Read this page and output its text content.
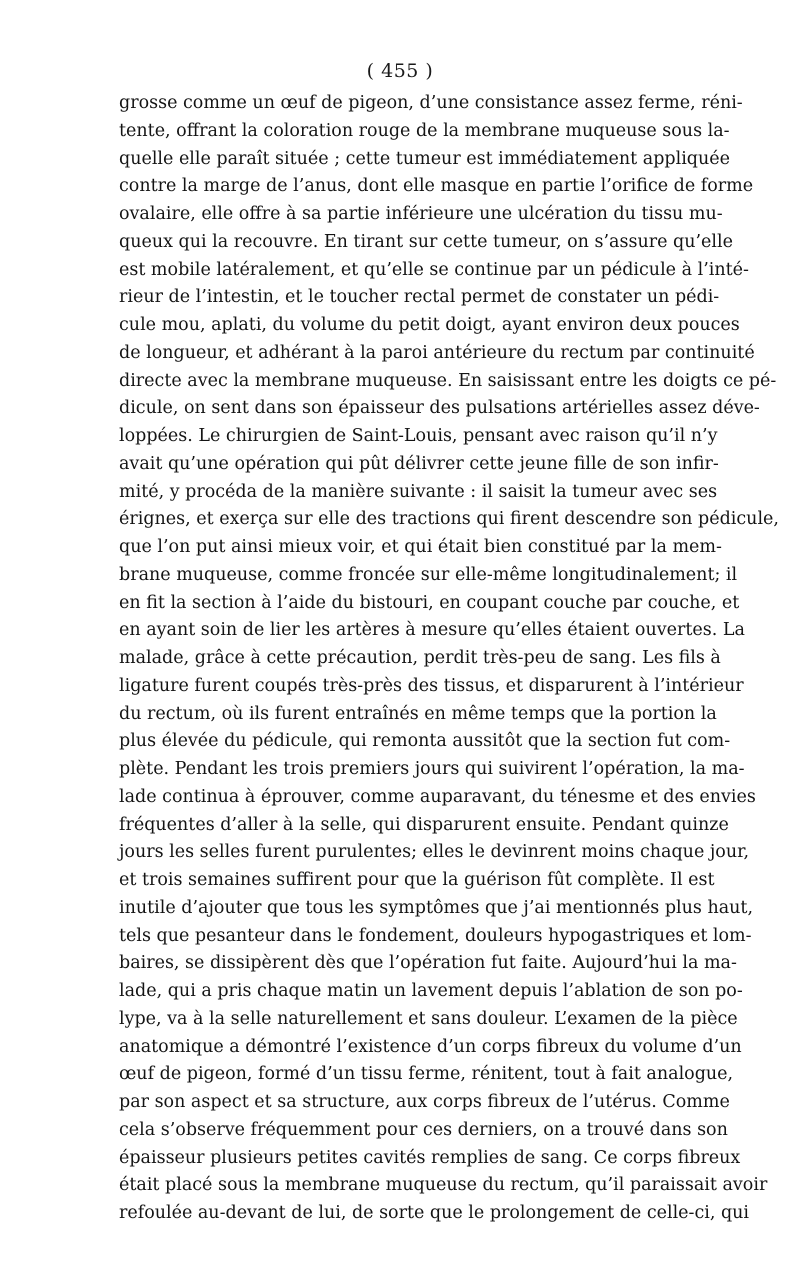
( 455 )
grosse comme un œuf de pigeon, d’une consistance assez ferme, réni-
tente, offrant la coloration rouge de la membrane muqueuse sous la-
quelle elle paraît située ; cette tumeur est immédiatement appliquée
contre la marge de l’anus, dont elle masque en partie l’orifice de forme
ovalaire, elle offre à sa partie inférieure une ulcération du tissu mu-
queux qui la recouvre. En tirant sur cette tumeur, on s’assure qu’elle
est mobile latéralement, et qu’elle se continue par un pédicule à l’inté-
rieur de l’intestin, et le toucher rectal permet de constater un pédi-
cule mou, aplati, du volume du petit doigt, ayant environ deux pouces
de longueur, et adhérant à la paroi antérieure du rectum par continuité
directe avec la membrane muqueuse. En saisissant entre les doigts ce pé-
dicule, on sent dans son épaisseur des pulsations artérielles assez déve-
loppées. Le chirurgien de Saint-Louis, pensant avec raison qu’il n’y
avait qu’une opération qui pût délivrer cette jeune fille de son infir-
mité, y procéda de la manière suivante : il saisit la tumeur avec ses
érignes, et exerça sur elle des tractions qui firent descendre son pédicule,
que l’on put ainsi mieux voir, et qui était bien constitué par la mem-
brane muqueuse, comme froncée sur elle-même longitudinalement; il
en fit la section à l’aide du bistouri, en coupant couche par couche, et
en ayant soin de lier les artères à mesure qu’elles étaient ouvertes. La
malade, grâce à cette précaution, perdit très-peu de sang. Les fils à
ligature furent coupés très-près des tissus, et disparurent à l’intérieur
du rectum, où ils furent entraînés en même temps que la portion la
plus élevée du pédicule, qui remonta aussitôt que la section fut com-
plète. Pendant les trois premiers jours qui suivirent l’opération, la ma-
lade continua à éprouver, comme auparavant, du ténesme et des envies
fréquentes d’aller à la selle, qui disparurent ensuite. Pendant quinze
jours les selles furent purulentes; elles le devinrent moins chaque jour,
et trois semaines suffirent pour que la guérison fût complète. Il est
inutile d’ajouter que tous les symptômes que j’ai mentionnés plus haut,
tels que pesanteur dans le fondement, douleurs hypogastriques et lom-
baires, se dissipèrent dès que l’opération fut faite. Aujourd’hui la ma-
lade, qui a pris chaque matin un lavement depuis l’ablation de son po-
lype, va à la selle naturellement et sans douleur. L’examen de la pièce
anatomique a démontré l’existence d’un corps fibreux du volume d’un
œuf de pigeon, formé d’un tissu ferme, rénitent, tout à fait analogue,
par son aspect et sa structure, aux corps fibreux de l’utérus. Comme
cela s’observe fréquemment pour ces derniers, on a trouvé dans son
épaisseur plusieurs petites cavités remplies de sang. Ce corps fibreux
était placé sous la membrane muqueuse du rectum, qu’il paraissait avoir
refoulée au-devant de lui, de sorte que le prolongement de celle-ci, qui
